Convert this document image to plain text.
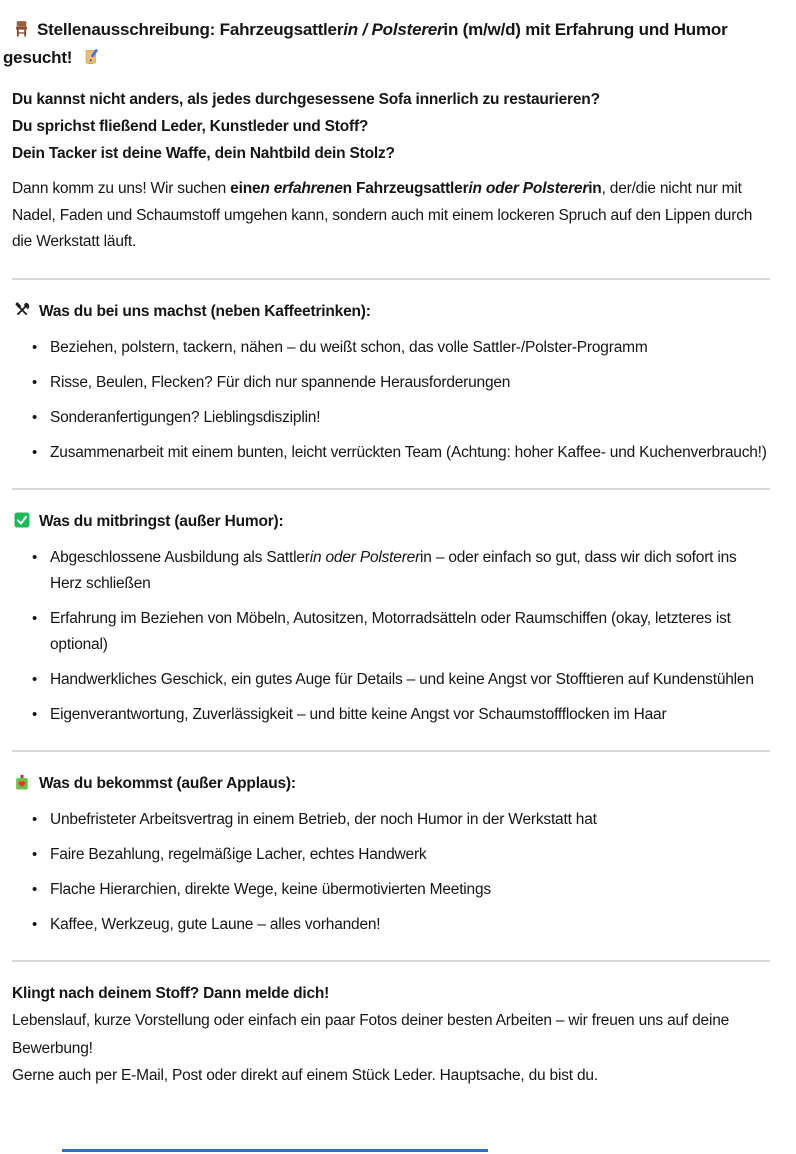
Stellenausschreibung: Fahrzeugsattlerin / Polstererin (m/w/d) mit Erfahrung und Humor gesucht!

Du kannst nicht anders, als jedes durchgesessene Sofa innerlich zu restaurieren?

Du sprichst fließend Leder, Kunstleder und Stoff?

Dein Tacker ist deine Waffe, dein Nahtbild dein Stolz?

Dann komm zu uns! Wir suchen einen erfahrenen Fahrzeugsattlerin oder Polstererin, der/die nicht nur mit Nadel, Faden und Schaumstoff umgehen kann, sondern auch mit einem lockeren Spruch auf den Lippen durch die Werkstatt läuft.

Was du bei uns machst (neben Kaffeetrinken):
• Beziehen, polstern, tackern, nähen – du weißt schon, das volle Sattler-/Polster-Programm
• Risse, Beulen, Flecken? Für dich nur spannende Herausforderungen
• Sonderanfertigungen? Lieblingsdisziplin!
• Zusammenarbeit mit einem bunten, leicht verrückten Team (Achtung: hoher Kaffee- und Kuchenverbrauch!)
Was du mitbringst (außer Humor):
• Abgeschlossene Ausbildung als Sattlerin oder Polstererin – oder einfach so gut, dass wir dich sofort ins Herz schließen
• Erfahrung im Beziehen von Möbeln, Autositzen, Motorradsätteln oder Raumschiffen (okay, letzteres ist optional)
• Handwerkliches Geschick, ein gutes Auge für Details – und keine Angst vor Stofftieren auf Kundenstühlen
• Eigenverantwortung, Zuverlässigkeit – und bitte keine Angst vor Schaumstoffflocken im Haar
Was du bekommst (außer Applaus):
• Unbefristeter Arbeitsvertrag in einem Betrieb, der noch Humor in der Werkstatt hat
• Faire Bezahlung, regelmäßige Lacher, echtes Handwerk
• Flache Hierarchien, direkte Wege, keine übermotivierten Meetings
• Kaffee, Werkzeug, gute Laune – alles vorhanden!

Klingt nach deinem Stoff? Dann melde dich!

Lebenslauf, kurze Vorstellung oder einfach ein paar Fotos deiner besten Arbeiten – wir freuen uns auf deine Bewerbung!

Gerne auch per E-Mail, Post oder direkt auf einem Stück Leder. Hauptsache, du bist du.
